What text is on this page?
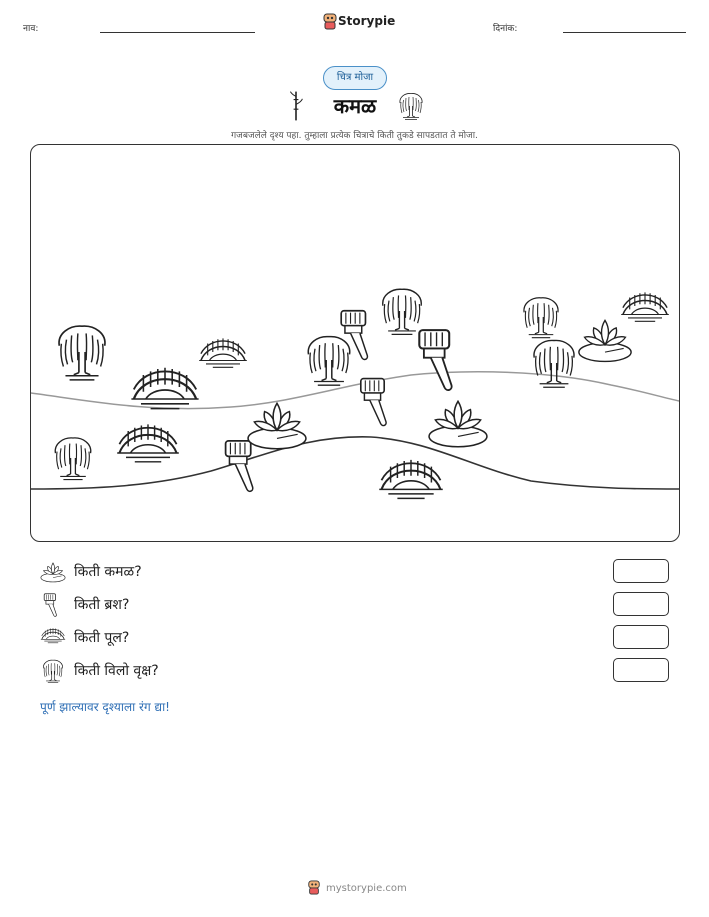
नाव:
Storypie
दिनांक:
चित्र मोजा
कमळ
गजबजलेले दृश्य पहा. तुम्हाला प्रत्येक चित्राचे किती तुकडे सापडतात ते मोजा.
किती कमळ?
किती ब्रश?
किती पूल?
किती विलो वृक्ष?
पूर्ण झाल्यावर दृश्याला रंग द्या!
mystorypie.com
